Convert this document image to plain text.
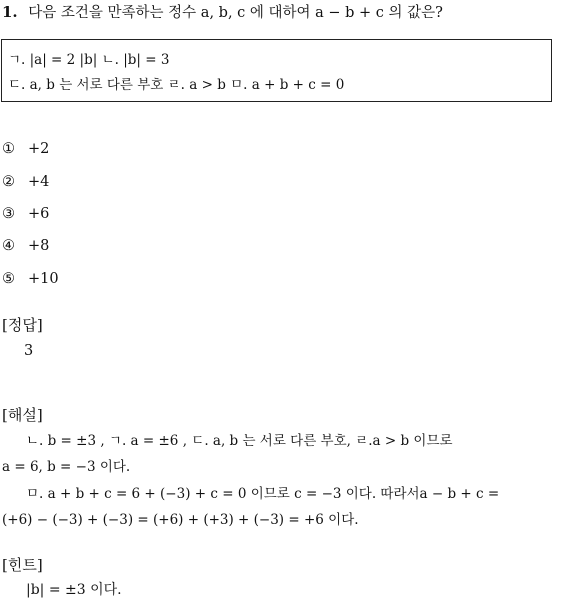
1. 다음 조건을 만족하는 정수 a, b, c 에 대하여 a − b + c 의 값은?
ㄱ. |a| = 2 |b| ㄴ. |b| = 3
ㄷ. a, b 는 서로 다른 부호 ㄹ. a > b ㅁ. a + b + c = 0
① +2
② +4
③ +6
④ +8
⑤ +10
[정답]
3
[해설]
ㄴ. b = ±3 , ㄱ. a = ±6 , ㄷ. a, b 는 서로 다른 부호, ㄹ.a > b 이므로
a = 6, b = −3 이다.
ㅁ. a + b + c = 6 + (−3) + c = 0 이므로 c = −3 이다. 따라서a − b + c =
(+6) − (−3) + (−3) = (+6) + (+3) + (−3) = +6 이다.
[힌트]
|b| = ±3 이다.
